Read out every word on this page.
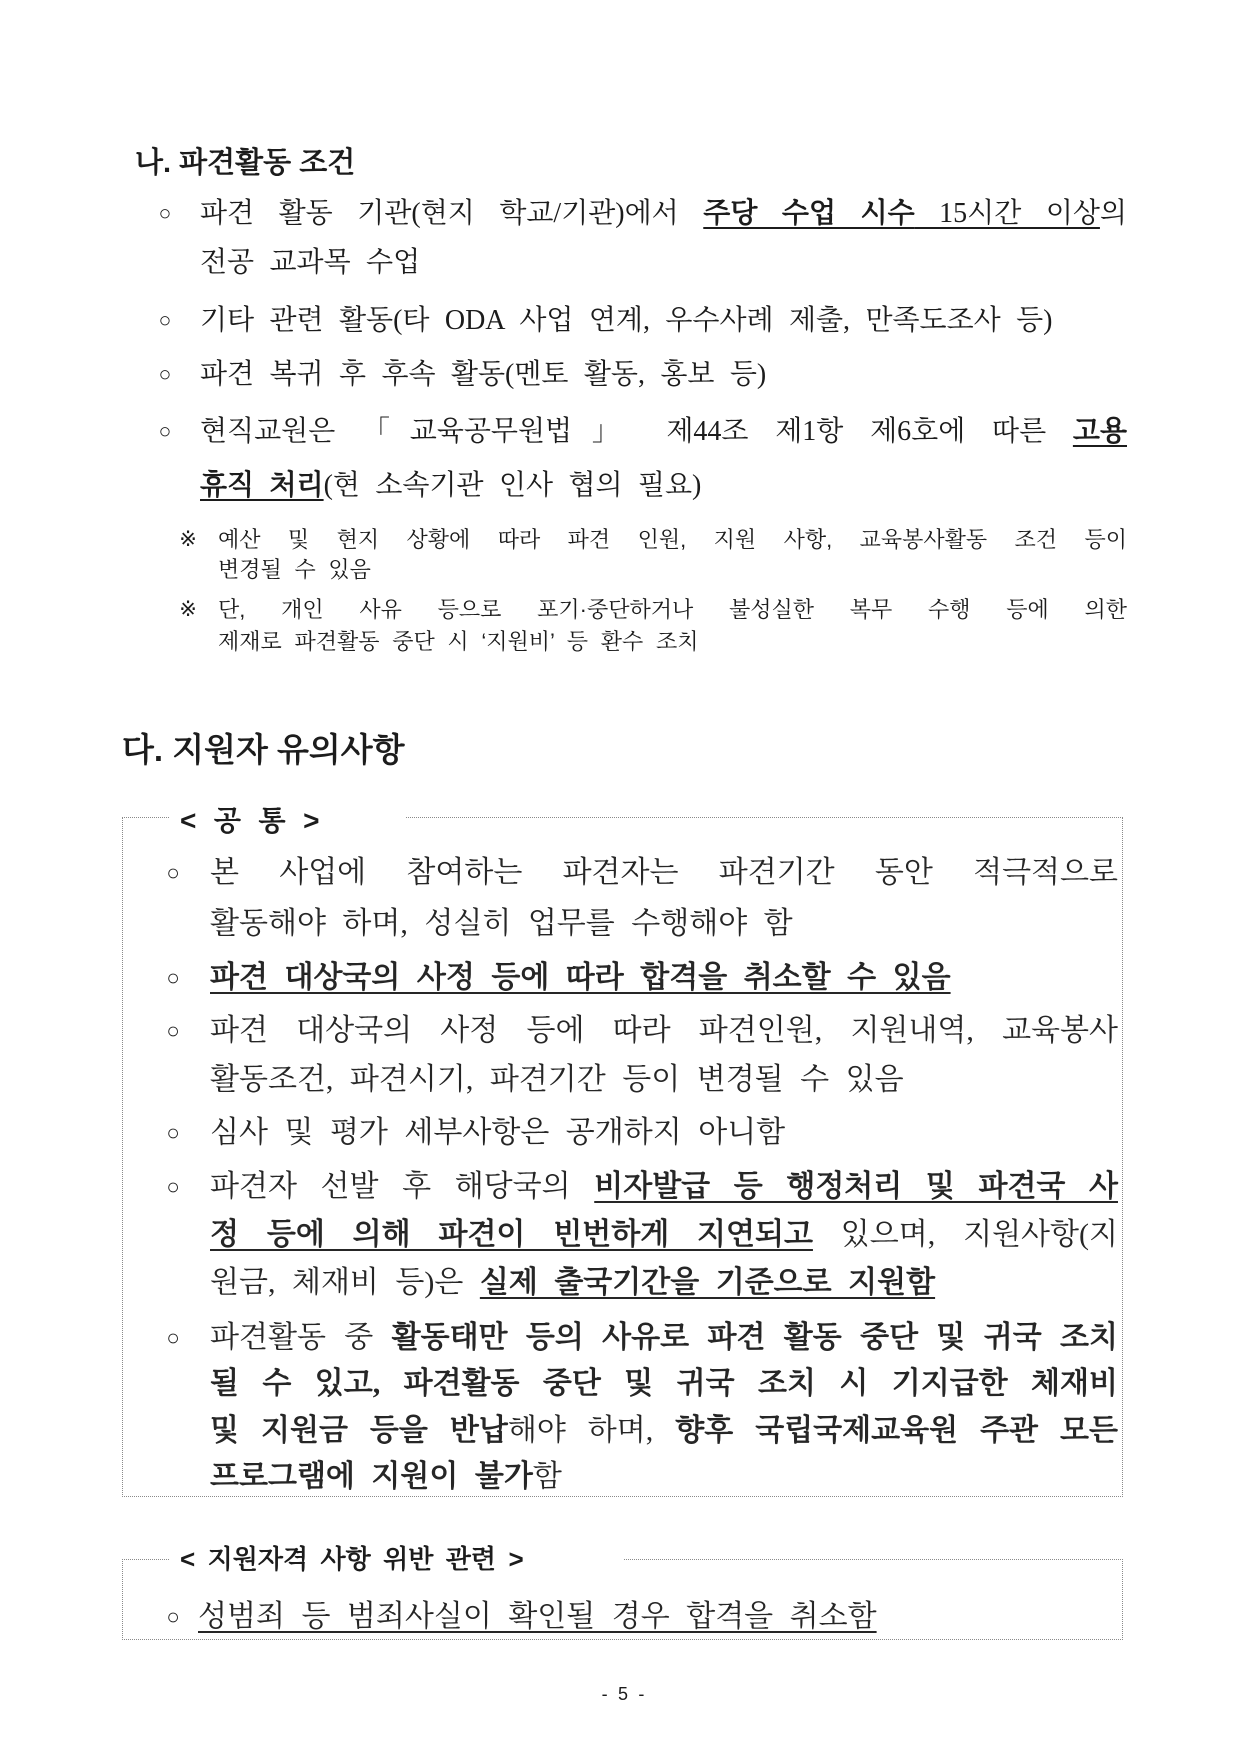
나. 파견활동 조건
○ 파견 활동 기관(현지 학교/기관)에서 주당 수업 시수 15시간 이상의
전공 교과목 수업
○ 기타 관련 활동(타 ODA 사업 연계, 우수사례 제출, 만족도조사 등)
○ 파견 복귀 후 후속 활동(멘토 활동, 홍보 등)
○ 현직교원은 「교육공무원법」 제44조 제1항 제6호에 따른 고용
휴직 처리(현 소속기관 인사 협의 필요)
※ 예산 및 현지 상황에 따라 파견 인원, 지원 사항, 교육봉사활동 조건 등이
변경될 수 있음
※ 단, 개인 사유 등으로 포기·중단하거나 불성실한 복무 수행 등에 의한
제재로 파견활동 중단 시 ‘지원비’ 등 환수 조치
다. 지원자 유의사항
< 공 통 >
○ 본 사업에 참여하는 파견자는 파견기간 동안 적극적으로
활동해야 하며, 성실히 업무를 수행해야 함
○ 파견 대상국의 사정 등에 따라 합격을 취소할 수 있음
○ 파견 대상국의 사정 등에 따라 파견인원, 지원내역, 교육봉사
활동조건, 파견시기, 파견기간 등이 변경될 수 있음
○ 심사 및 평가 세부사항은 공개하지 아니함
○ 파견자 선발 후 해당국의 비자발급 등 행정처리 및 파견국 사
정 등에 의해 파견이 빈번하게 지연되고 있으며, 지원사항(지
원금, 체재비 등)은 실제 출국기간을 기준으로 지원함
○ 파견활동 중 활동태만 등의 사유로 파견 활동 중단 및 귀국 조치
될 수 있고, 파견활동 중단 및 귀국 조치 시 기지급한 체재비
및 지원금 등을 반납해야 하며, 향후 국립국제교육원 주관 모든
프로그램에 지원이 불가함
< 지원자격 사항 위반 관련 >
○ 성범죄 등 범죄사실이 확인될 경우 합격을 취소함
- 5 -
